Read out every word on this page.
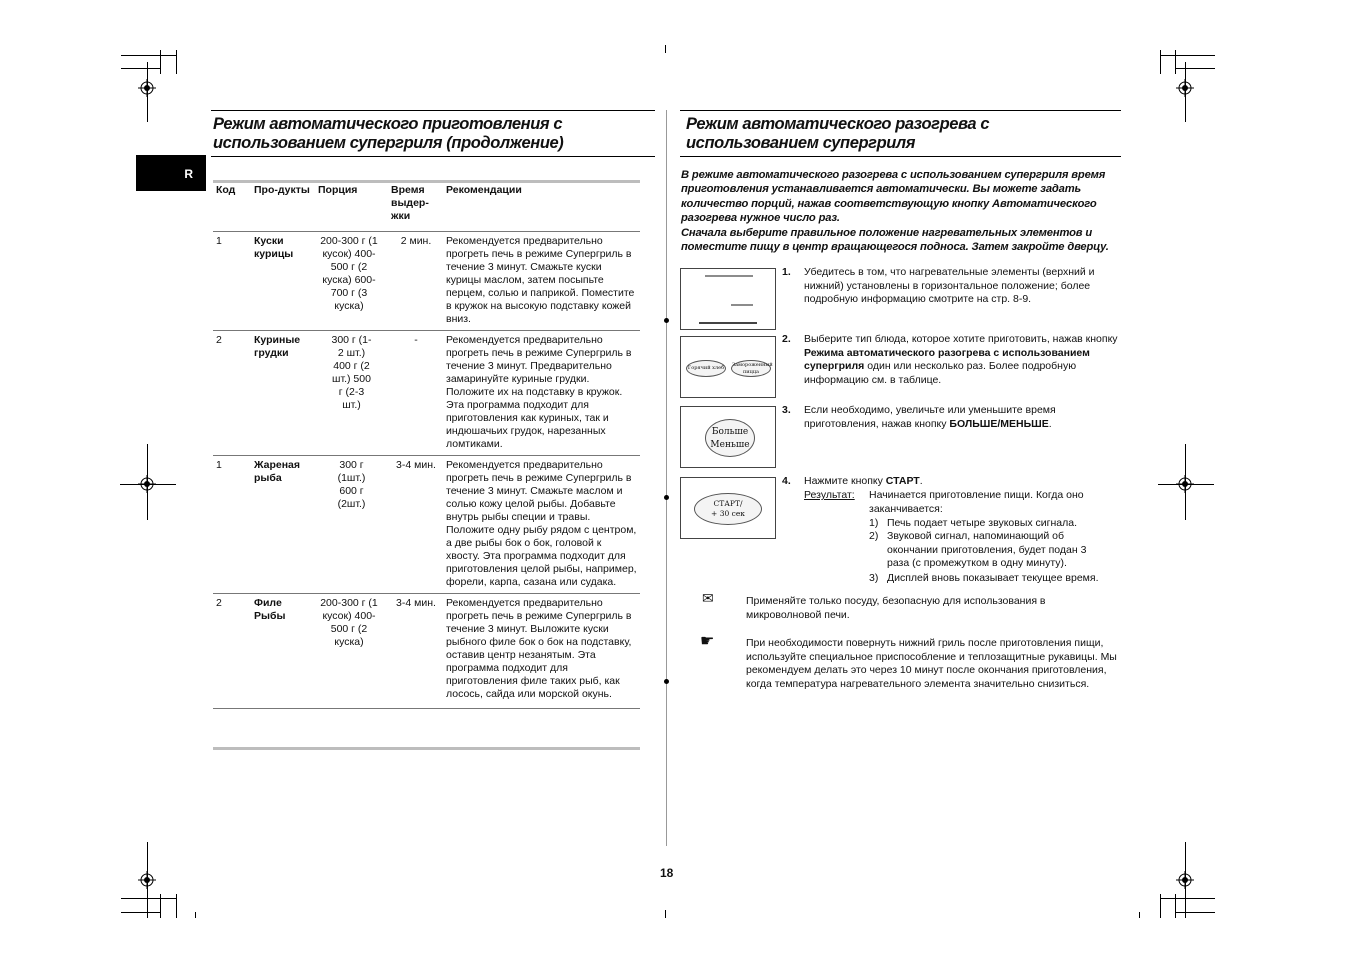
R
Режим автоматического приготовления с использованием супергриля (продолжение)
Код	Про-дукты	Порция	Время выдер-жки	Рекомендации
1	Куски курицы	200-300 г (1 кусок) 400-500 г (2 куска) 600-700 г (3 куска)	2 мин.	Рекомендуется предварительно прогреть печь в режиме Супергриль в течение 3 минут. Смажьте куски курицы маслом, затем посыпьте перцем, солью и паприкой. Поместите в кружок на высокую подставку кожей вниз.
2	Куриные грудки	300 г (1-2 шт.) 400 г (2 шт.) 500 г (2-3 шт.)	-	Рекомендуется предварительно прогреть печь в режиме Супергриль в течение 3 минут. Предварительно замаринуйте куриные грудки. Положите их на подставку в кружок. Эта программа подходит для приготовления как куриных, так и индюшачьих грудок, нарезанных ломтиками.
1	Жареная рыба	300 г (1шт.) 600 г (2шт.)	3-4 мин.	Рекомендуется предварительно прогреть печь в режиме Супергриль в течение 3 минут. Смажьте маслом и солью кожу целой рыбы. Добавьте внутрь рыбы специи и травы. Положите одну рыбу рядом с центром, а две рыбы бок о бок, головой к хвосту. Эта программа подходит для приготовления целой рыбы, например, форели, карпа, сазана или судака.
2	Филе Рыбы	200-300 г (1 кусок) 400-500 г (2 куска)	3-4 мин.	Рекомендуется предварительно прогреть печь в режиме Супергриль в течение 3 минут. Выложите куски рыбного филе бок о бок на подставку, оставив центр незанятым. Эта программа подходит для приготовления филе таких рыб, как лосось, сайда или морской окунь.
Режим автоматического разогрева с использованием супергриля
В режиме автоматического разогрева с использованием супергриля время приготовления устанавливается автоматически. Вы можете задать количество порций, нажав соответствующую кнопку Автоматического разогрева нужное число раз.
Сначала выберите правильное положение нагревательных элементов и поместите пищу в центр вращающегося подноса. Затем закройте дверцу.
Горячий хлеб	Замороженный пицца
Больше
Меньше
СТАРТ/
+ 30 сек
1. Убедитесь в том, что нагревательные элементы (верхний и нижний) установлены в горизонтальное положение; более подробную информацию смотрите на стр. 8-9.
2. Выберите тип блюда, которое хотите приготовить, нажав кнопку Режима автоматического разогрева с использованием супергриля один или несколько раз. Более подробную информацию см. в таблице.
3. Если необходимо, увеличьте или уменьшите время приготовления, нажав кнопку БОЛЬШЕ/МЕНЬШЕ.
4. Нажмите кнопку СТАРТ.
Результат: Начинается приготовление пищи. Когда оно заканчивается:
1) Печь подает четыре звуковых сигнала.
2) Звуковой сигнал, напоминающий об окончании приготовления, будет подан 3 раза (с промежутком в одну минуту).
3) Дисплей вновь показывает текущее время.
✉	Применяйте только посуду, безопасную для использования в микроволновой печи.
☛	При необходимости повернуть нижний гриль после приготовления пищи, используйте специальное приспособление и теплозащитные рукавицы. Мы рекомендуем делать это через 10 минут после окончания приготовления, когда температура нагревательного элемента значительно снизиться.
18
